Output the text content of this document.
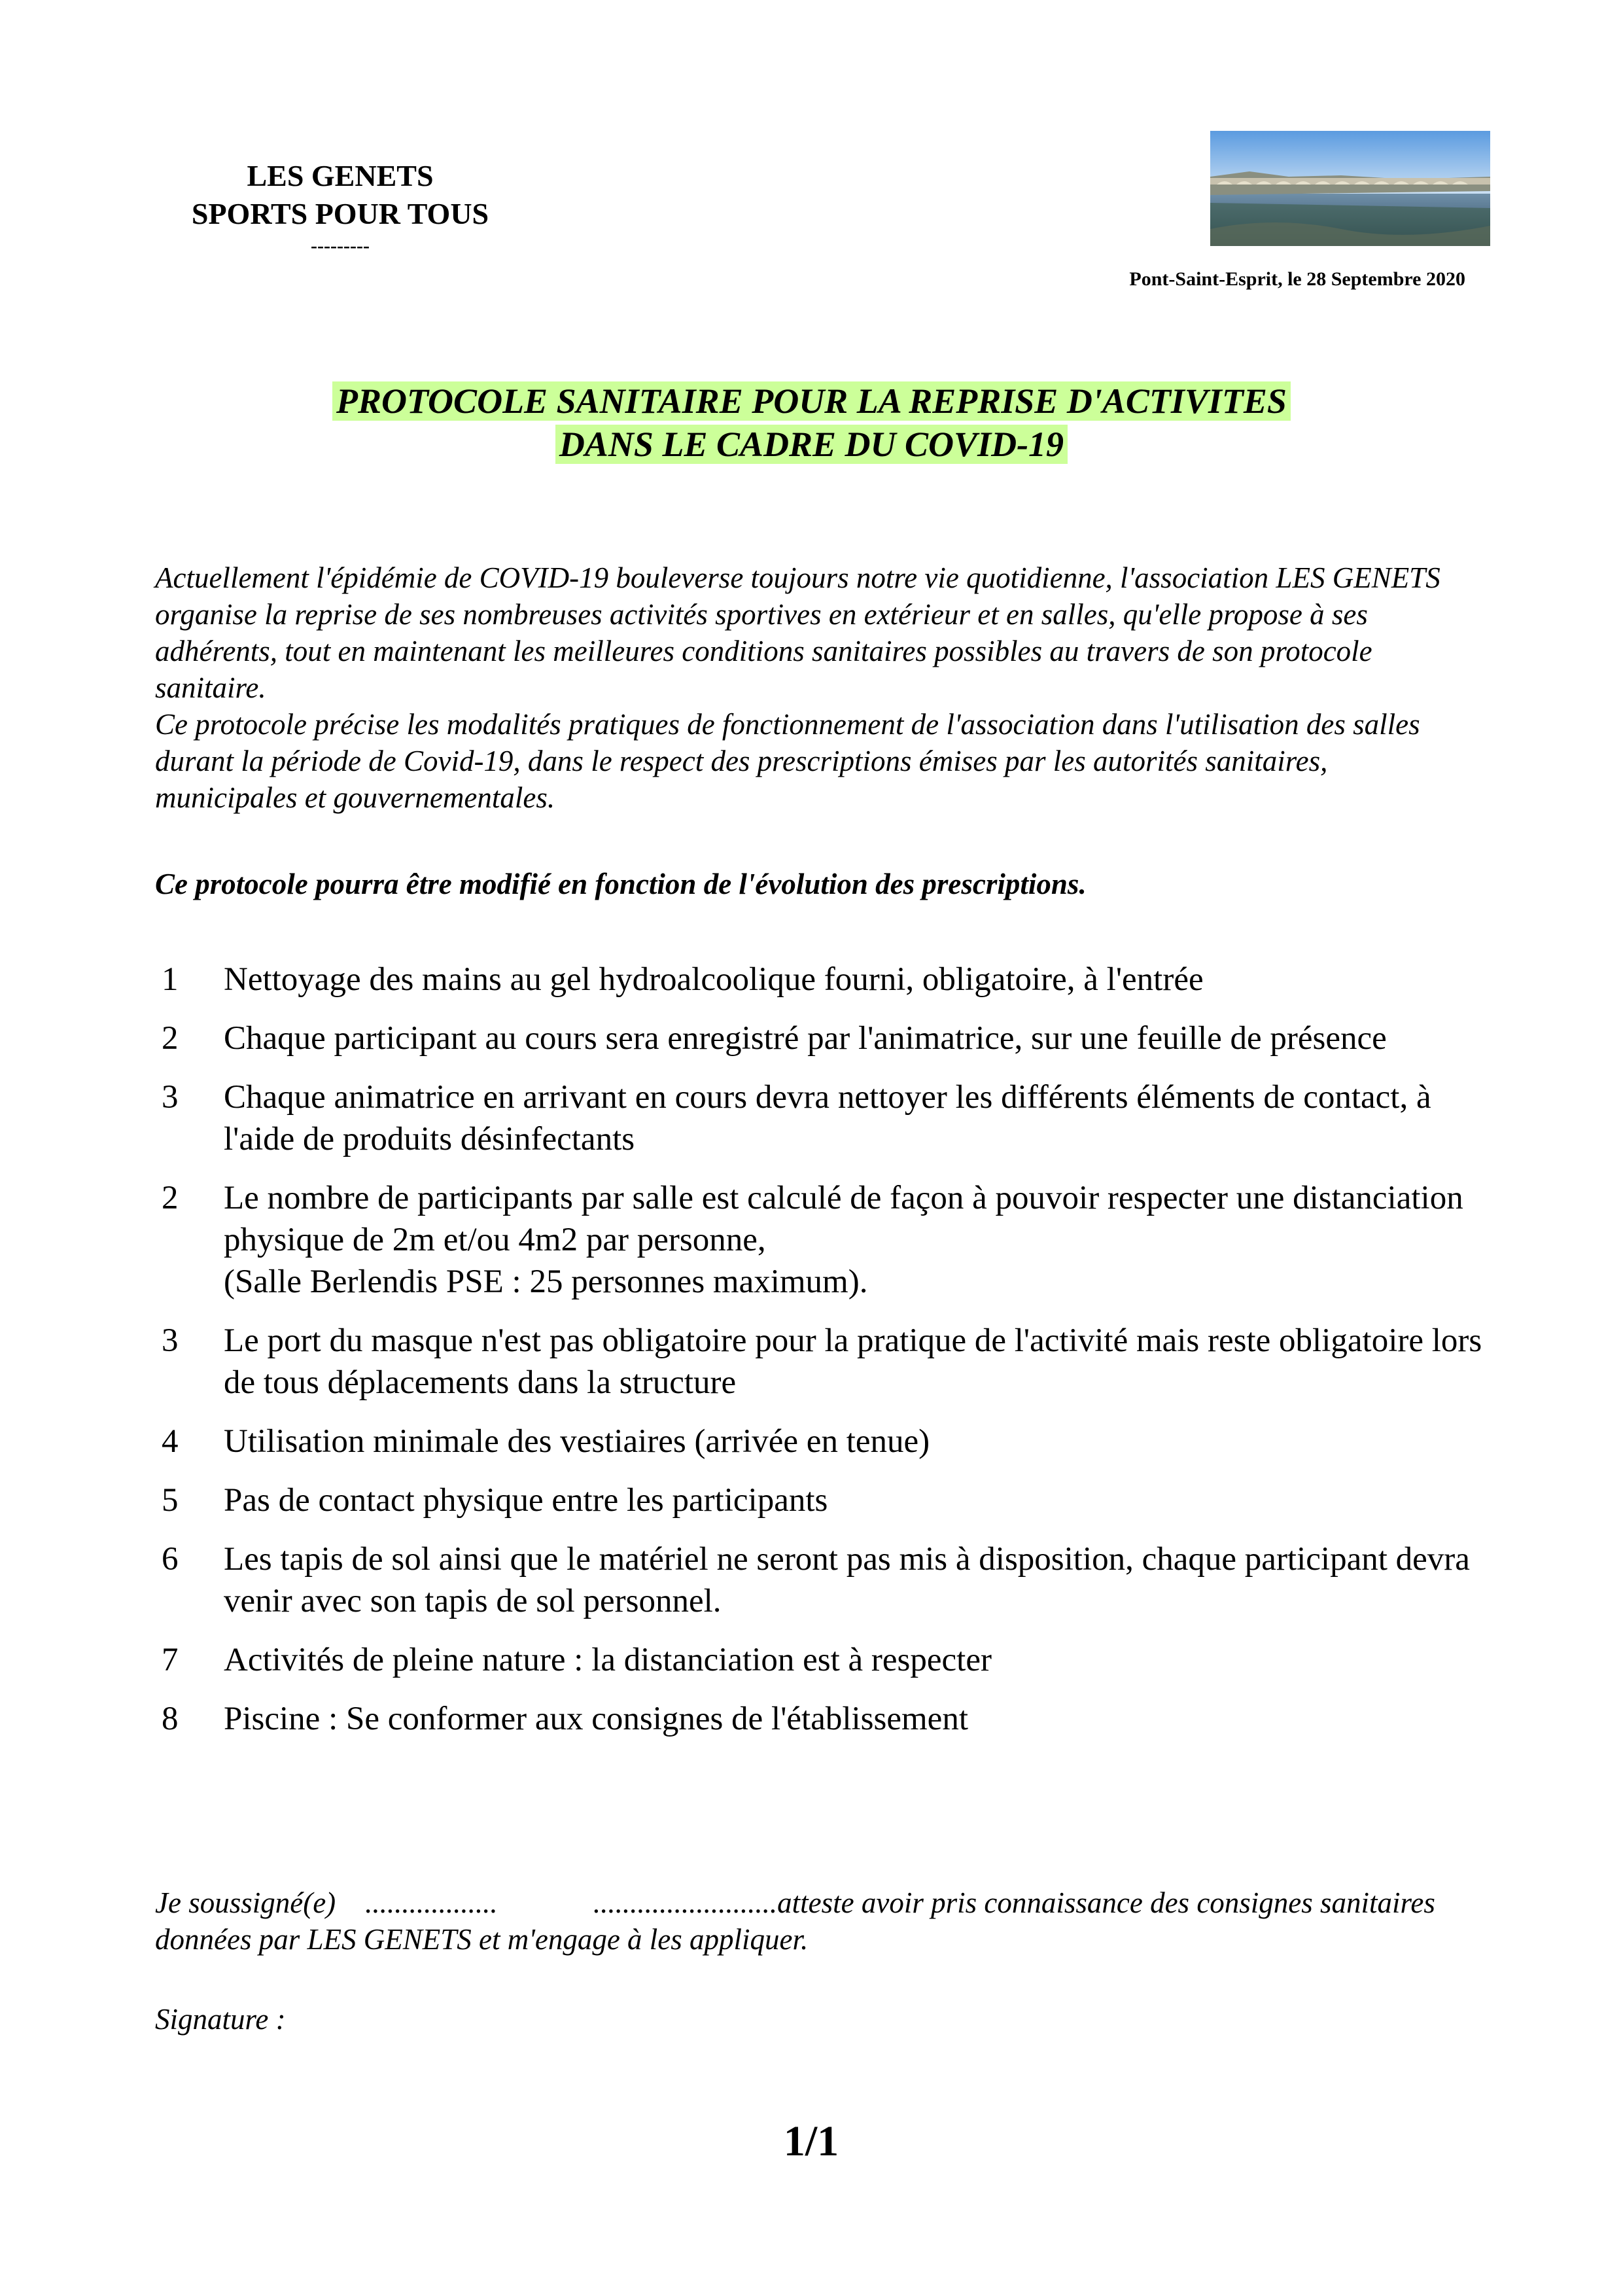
LES GENETS
SPORTS POUR TOUS
---------
Pont-Saint-Esprit, le 28 Septembre 2020
PROTOCOLE SANITAIRE POUR LA REPRISE D'ACTIVITES
DANS LE CADRE DU COVID-19

Actuellement l'épidémie de COVID-19 bouleverse toujours notre vie quotidienne, l'association LES GENETS organise la reprise de ses nombreuses activités sportives en extérieur et en salles, qu'elle propose à ses adhérents, tout en maintenant les meilleures conditions sanitaires possibles au travers de son protocole sanitaire.

Ce protocole précise les modalités pratiques de fonctionnement de l'association dans l'utilisation des salles durant la période de Covid-19, dans le respect des prescriptions émises par les autorités sanitaires, municipales et gouvernementales.

Ce protocole pourra être modifié en fonction de l'évolution des prescriptions.
1	Nettoyage des mains au gel hydroalcoolique fourni, obligatoire, à l'entrée
2	Chaque participant au cours sera enregistré par l'animatrice, sur une feuille de présence
3	Chaque animatrice en arrivant en cours devra nettoyer les différents éléments de contact, à l'aide de produits désinfectants
2	Le nombre de participants par salle est calculé de façon à pouvoir respecter une distanciation physique de 2m et/ou 4m2 par personne,
(Salle Berlendis PSE : 25 personnes maximum).
3	Le port du masque n'est pas obligatoire pour la pratique de l'activité mais reste obligatoire lors de tous déplacements dans la structure
4	Utilisation minimale des vestiaires (arrivée en tenue)
5	Pas de contact physique entre les participants
6	Les tapis de sol ainsi que le matériel ne seront pas mis à disposition, chaque participant devra venir avec son tapis de sol personnel.
7	Activités de pleine nature : la distanciation est à respecter
8	Piscine : Se conformer aux consignes de l'établissement
Je soussigné(e)    ..................             .........................atteste avoir pris connaissance des consignes sanitaires données par LES GENETS et m'engage à les appliquer.
Signature :
1/1
